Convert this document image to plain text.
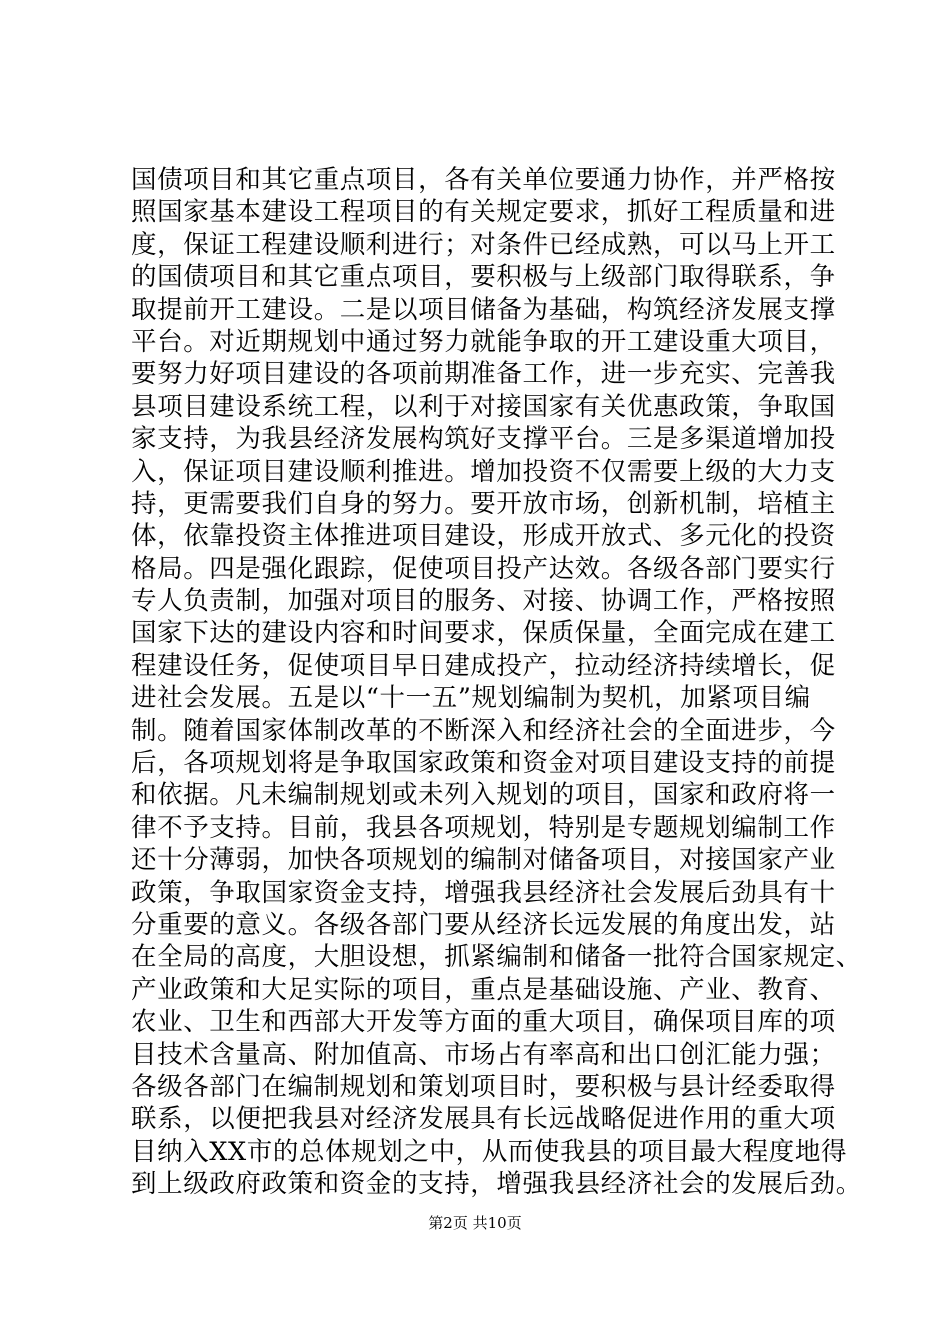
国债项目和其它重点项目，各有关单位要通力协作，并严格按
照国家基本建设工程项目的有关规定要求，抓好工程质量和进
度，保证工程建设顺利进行；对条件已经成熟，可以马上开工
的国债项目和其它重点项目，要积极与上级部门取得联系，争
取提前开工建设。二是以项目储备为基础，构筑经济发展支撑
平台。对近期规划中通过努力就能争取的开工建设重大项目，
要努力好项目建设的各项前期准备工作，进一步充实、完善我
县项目建设系统工程，以利于对接国家有关优惠政策，争取国
家支持，为我县经济发展构筑好支撑平台。三是多渠道增加投
入，保证项目建设顺利推进。增加投资不仅需要上级的大力支
持，更需要我们自身的努力。要开放市场，创新机制，培植主
体，依靠投资主体推进项目建设，形成开放式、多元化的投资
格局。四是强化跟踪，促使项目投产达效。各级各部门要实行
专人负责制，加强对项目的服务、对接、协调工作，严格按照
国家下达的建设内容和时间要求，保质保量，全面完成在建工
程建设任务，促使项目早日建成投产，拉动经济持续增长，促
进社会发展。五是以“十一五”规划编制为契机，加紧项目编
制。随着国家体制改革的不断深入和经济社会的全面进步，今
后，各项规划将是争取国家政策和资金对项目建设支持的前提
和依据。凡未编制规划或未列入规划的项目，国家和政府将一
律不予支持。目前，我县各项规划，特别是专题规划编制工作
还十分薄弱，加快各项规划的编制对储备项目，对接国家产业
政策，争取国家资金支持，增强我县经济社会发展后劲具有十
分重要的意义。各级各部门要从经济长远发展的角度出发，站
在全局的高度，大胆设想，抓紧编制和储备一批符合国家规定、
产业政策和大足实际的项目，重点是基础设施、产业、教育、
农业、卫生和西部大开发等方面的重大项目，确保项目库的项
目技术含量高、附加值高、市场占有率高和出口创汇能力强；
各级各部门在编制规划和策划项目时，要积极与县计经委取得
联系，以便把我县对经济发展具有长远战略促进作用的重大项
目纳入XX市的总体规划之中，从而使我县的项目最大程度地得
到上级政府政策和资金的支持，增强我县经济社会的发展后劲。
第2页 共10页
